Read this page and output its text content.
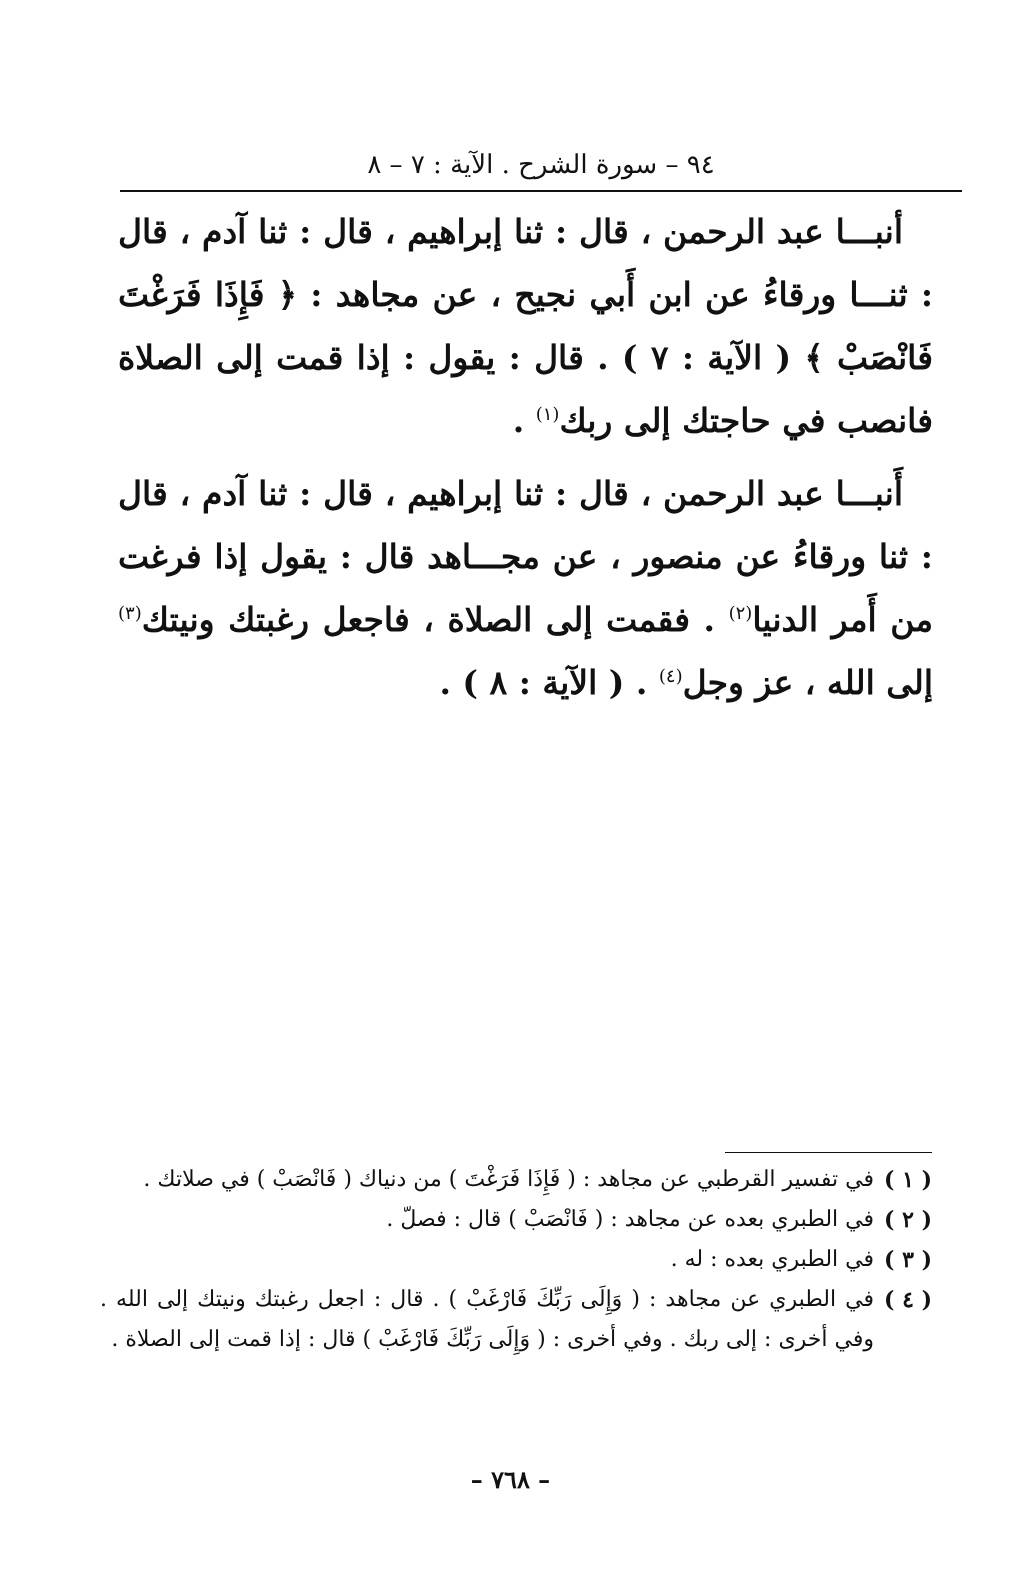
٩٤ – سورة الشرح . الآية : ٧ – ٨

أنبـــا عبد الرحمن ، قال : ثنا إبراهيم ، قال : ثنا آدم ، قال : ثنـــا ورقاءُ عن ابن أَبي نجيح ، عن مجاهد : ﴿ فَإِذَا فَرَغْتَ فَانْصَبْ ﴾ ( الآية : ٧ ) . قال : يقول : إذا قمت إلى الصلاة فانصب في حاجتك إلى ربك$^{(١)}$ .

أَنبـــا عبد الرحمن ، قال : ثنا إبراهيم ، قال : ثنا آدم ، قال : ثنا ورقاءُ عن منصور ، عن مجـــاهد قال : يقول إذا فرغت من أَمر الدنيا$^{(٢)}$ . فقمت إلى الصلاة ، فاجعل رغبتك ونيتك$^{(٣)}$ إلى الله ، عز وجل$^{(٤)}$ . ( الآية : ٨ ) .

( ١ )
في تفسير القرطبي عن مجاهد : ( فَإِذَا فَرَغْتَ ) من دنياك ( فَانْصَبْ ) في صلاتك .
( ٢ )
في الطبري بعده عن مجاهد : ( فَانْصَبْ ) قال : فصلّ .
( ٣ )
في الطبري بعده : له .
( ٤ )
في الطبري عن مجاهد : ( وَإِلَى رَبِّكَ فَارْغَبْ ) . قال : اجعل رغبتك ونيتك إلى الله . وفي أخرى : إلى ربك . وفي أخرى : ( وَإِلَى رَبِّكَ فَارْغَبْ ) قال : إذا قمت إلى الصلاة .
– ٧٦٨ –
